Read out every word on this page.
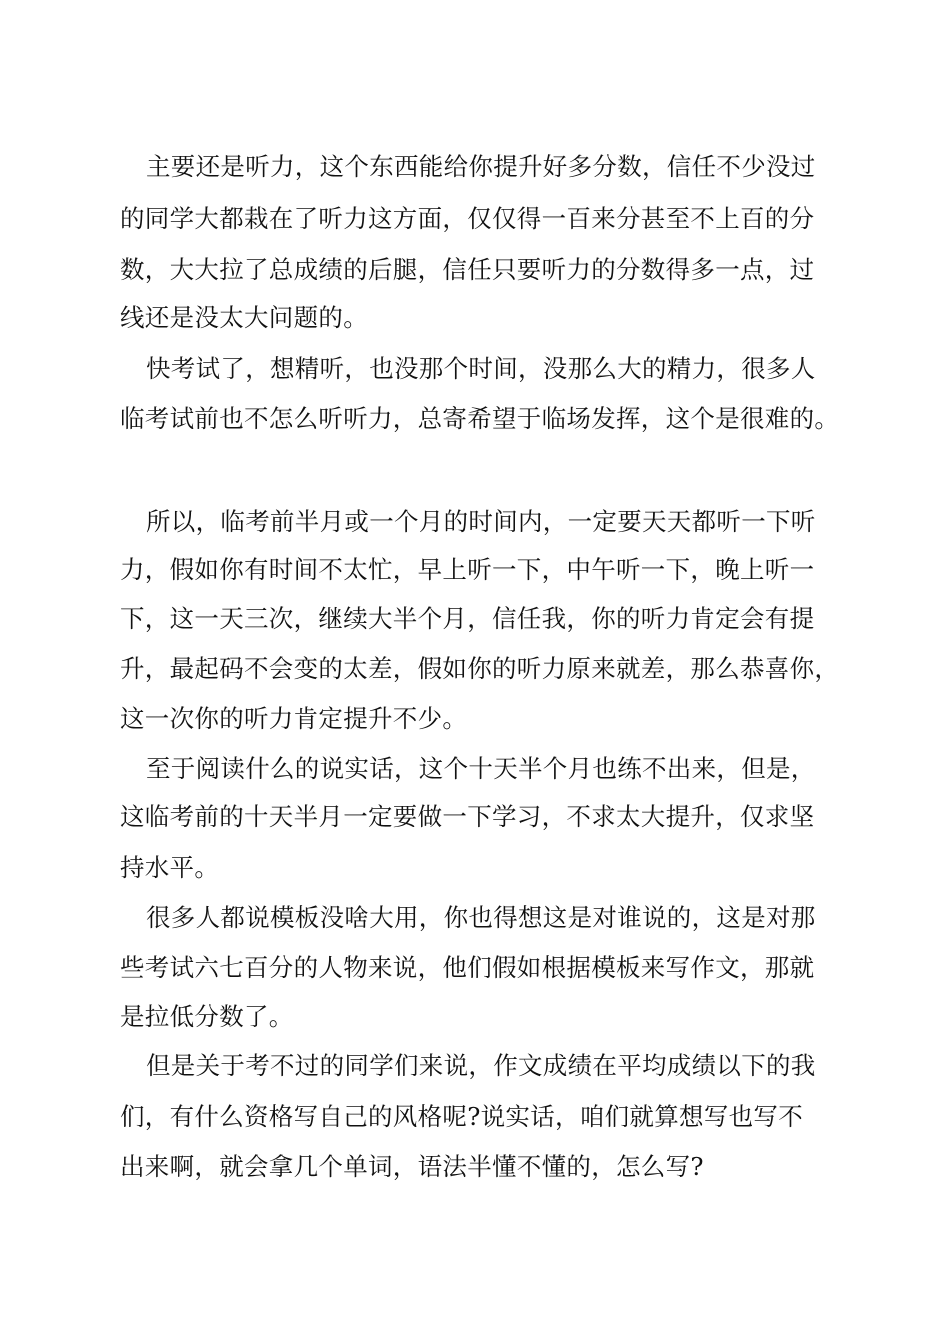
主要还是听力，这个东西能给你提升好多分数，信任不少没过

的同学大都栽在了听力这方面，仅仅得一百来分甚至不上百的分

数，大大拉了总成绩的后腿，信任只要听力的分数得多一点，过

线还是没太大问题的。

快考试了，想精听，也没那个时间，没那么大的精力，很多人

临考试前也不怎么听听力，总寄希望于临场发挥，这个是很难的。

所以，临考前半月或一个月的时间内，一定要天天都听一下听

力，假如你有时间不太忙，早上听一下，中午听一下，晚上听一

下，这一天三次，继续大半个月，信任我，你的听力肯定会有提

升，最起码不会变的太差，假如你的听力原来就差，那么恭喜你，

这一次你的听力肯定提升不少。

至于阅读什么的说实话，这个十天半个月也练不出来，但是，

这临考前的十天半月一定要做一下学习，不求太大提升，仅求坚

持水平。

很多人都说模板没啥大用，你也得想这是对谁说的，这是对那

些考试六七百分的人物来说，他们假如根据模板来写作文，那就

是拉低分数了。

但是关于考不过的同学们来说，作文成绩在平均成绩以下的我

们，有什么资格写自己的风格呢?说实话，咱们就算想写也写不

出来啊，就会拿几个单词，语法半懂不懂的，怎么写?
